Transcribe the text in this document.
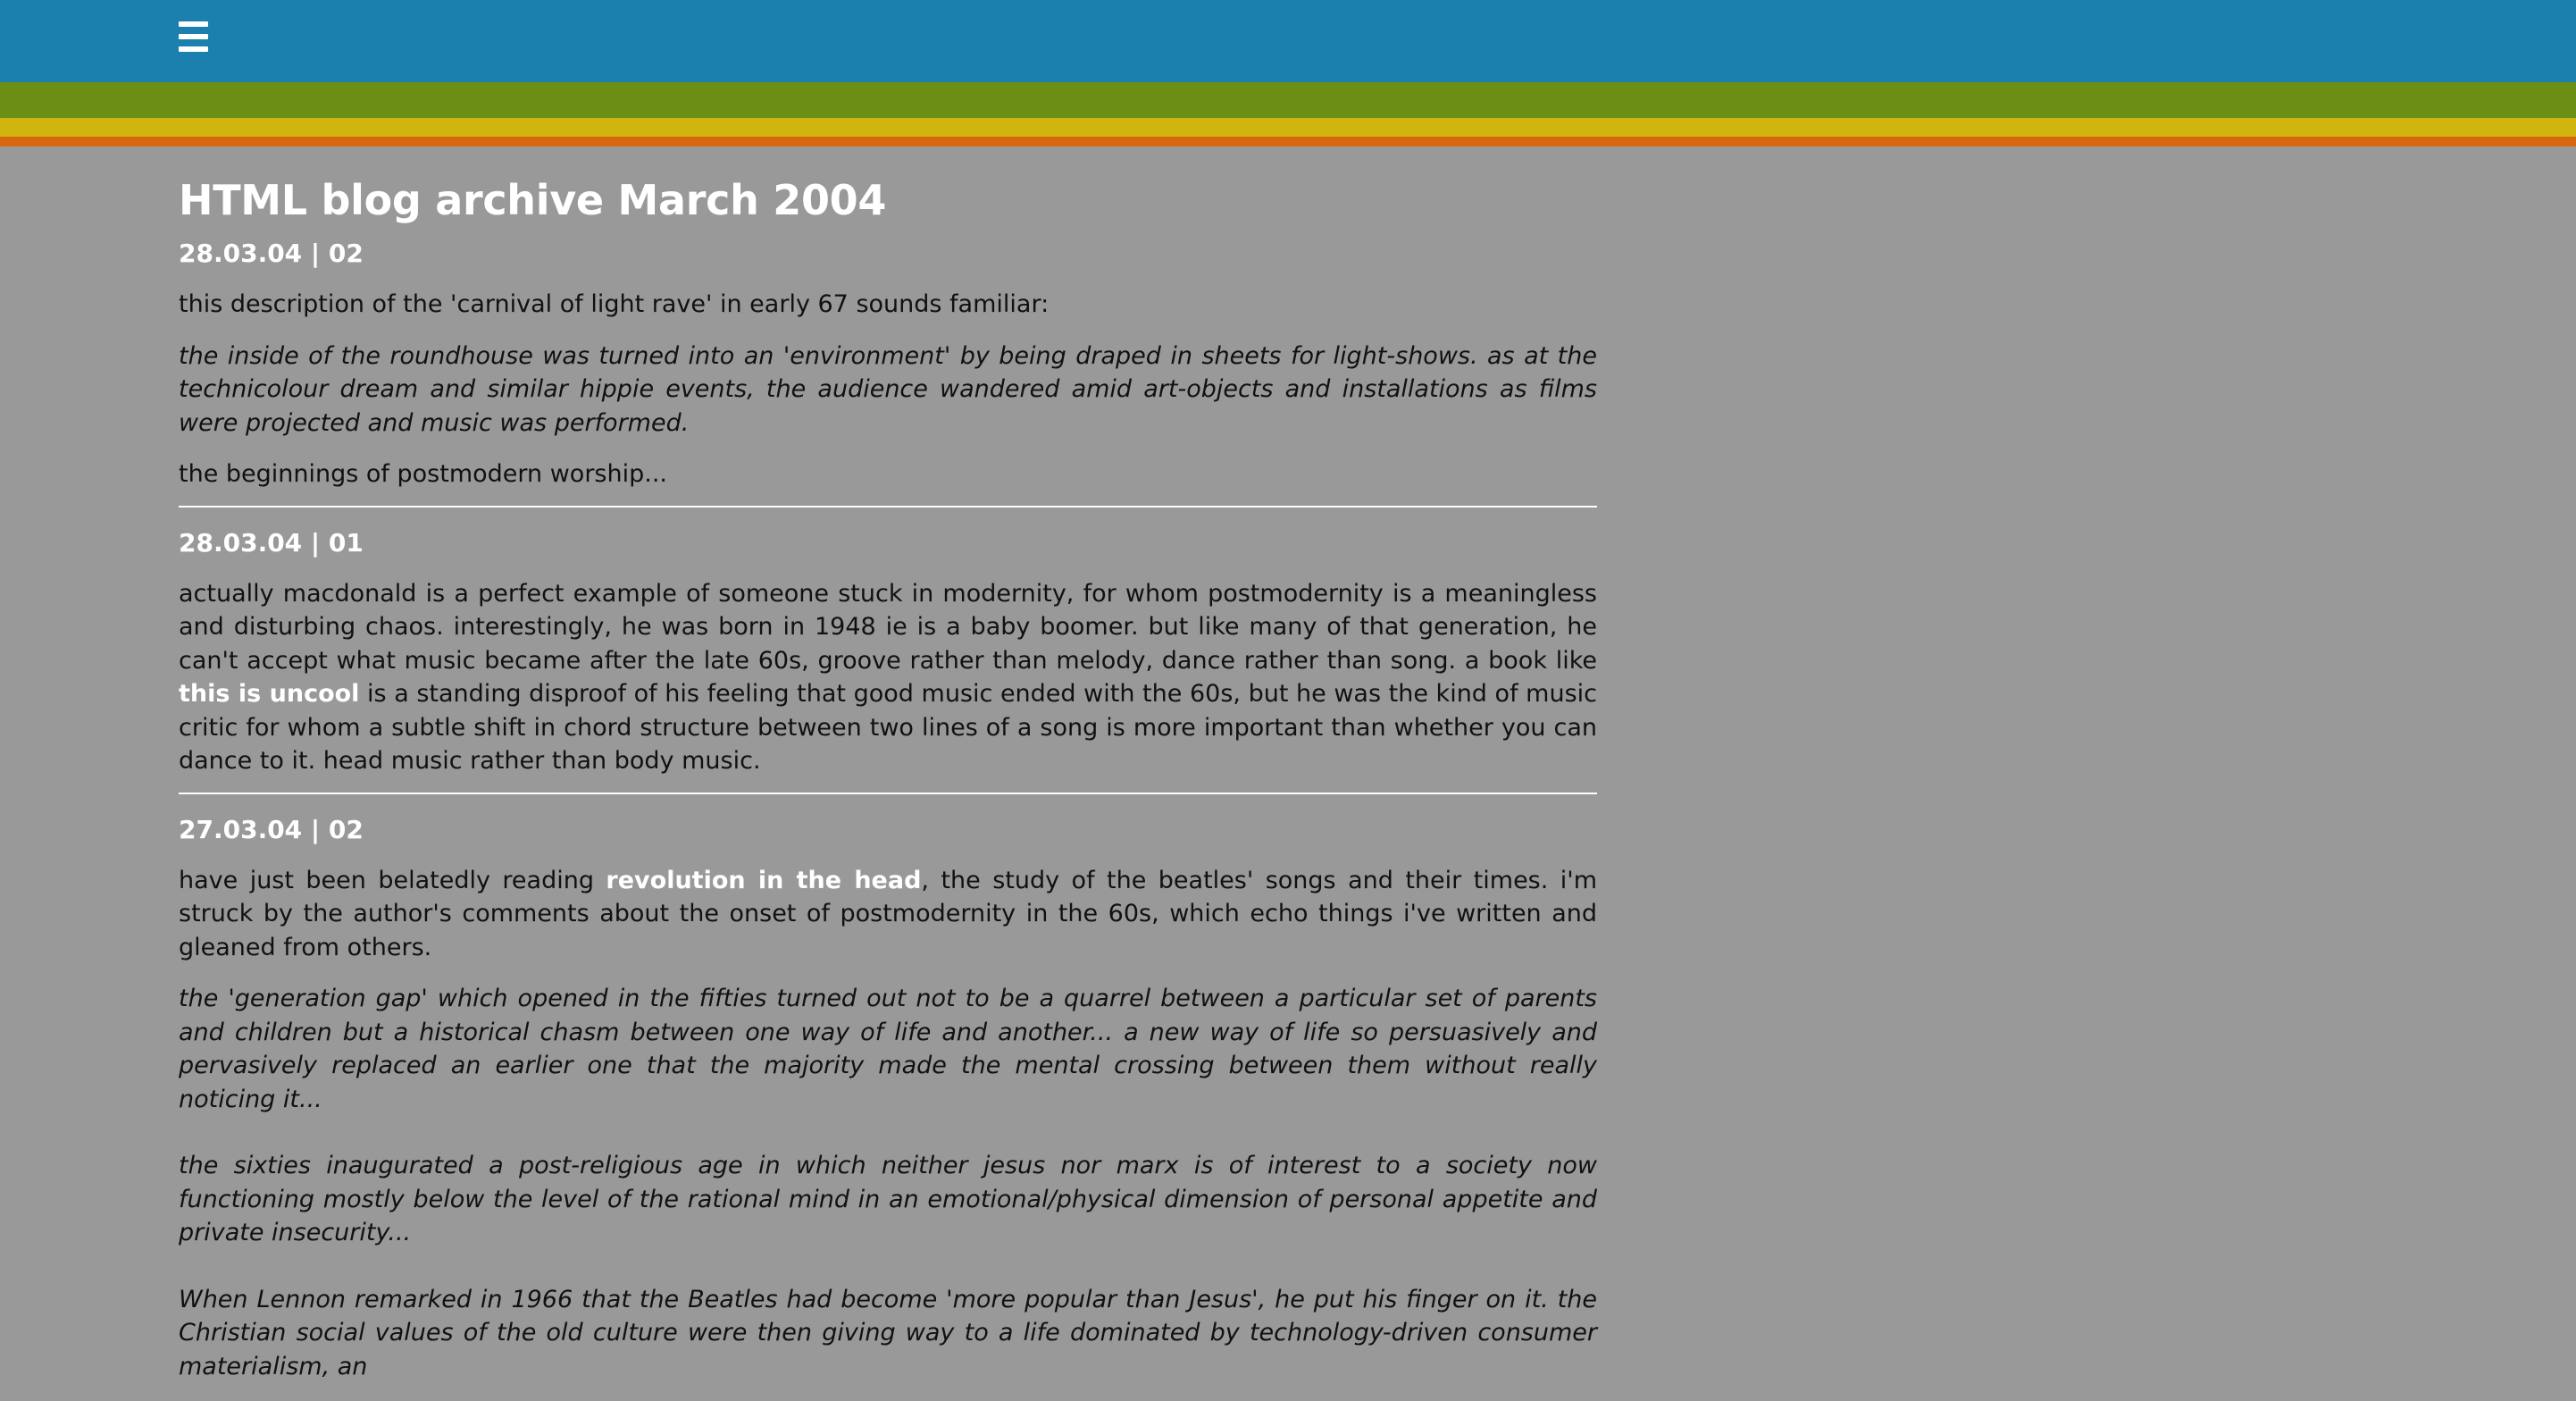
HTML blog archive March 2004
28.03.04 | 02

this description of the 'carnival of light rave' in early 67 sounds familiar:

the inside of the roundhouse was turned into an 'environment' by being draped in sheets for light-shows. as at the technicolour dream and similar hippie events, the audience wandered amid art-objects and installations as films were projected and music was performed.

the beginnings of postmodern worship...

28.03.04 | 01

actually macdonald is a perfect example of someone stuck in modernity, for whom postmodernity is a meaningless and disturbing chaos. interestingly, he was born in 1948 ie is a baby boomer. but like many of that generation, he can't accept what music became after the late 60s, groove rather than melody, dance rather than song. a book like this is uncool is a standing disproof of his feeling that good music ended with the 60s, but he was the kind of music critic for whom a subtle shift in chord structure between two lines of a song is more important than whether you can dance to it. head music rather than body music.

27.03.04 | 02

have just been belatedly reading revolution in the head, the study of the beatles' songs and their times. i'm struck by the author's comments about the onset of postmodernity in the 60s, which echo things i've written and gleaned from others.

the 'generation gap' which opened in the fifties turned out not to be a quarrel between a particular set of parents and children but a historical chasm between one way of life and another... a new way of life so persuasively and pervasively replaced an earlier one that the majority made the mental crossing between them without really noticing it...

the sixties inaugurated a post-religious age in which neither jesus nor marx is of interest to a society now functioning mostly below the level of the rational mind in an emotional/physical dimension of personal appetite and private insecurity...

When Lennon remarked in 1966 that the Beatles had become 'more popular than Jesus', he put his finger on it. the Christian social values of the old culture were then giving way to a life dominated by technology-driven consumer materialism, an
